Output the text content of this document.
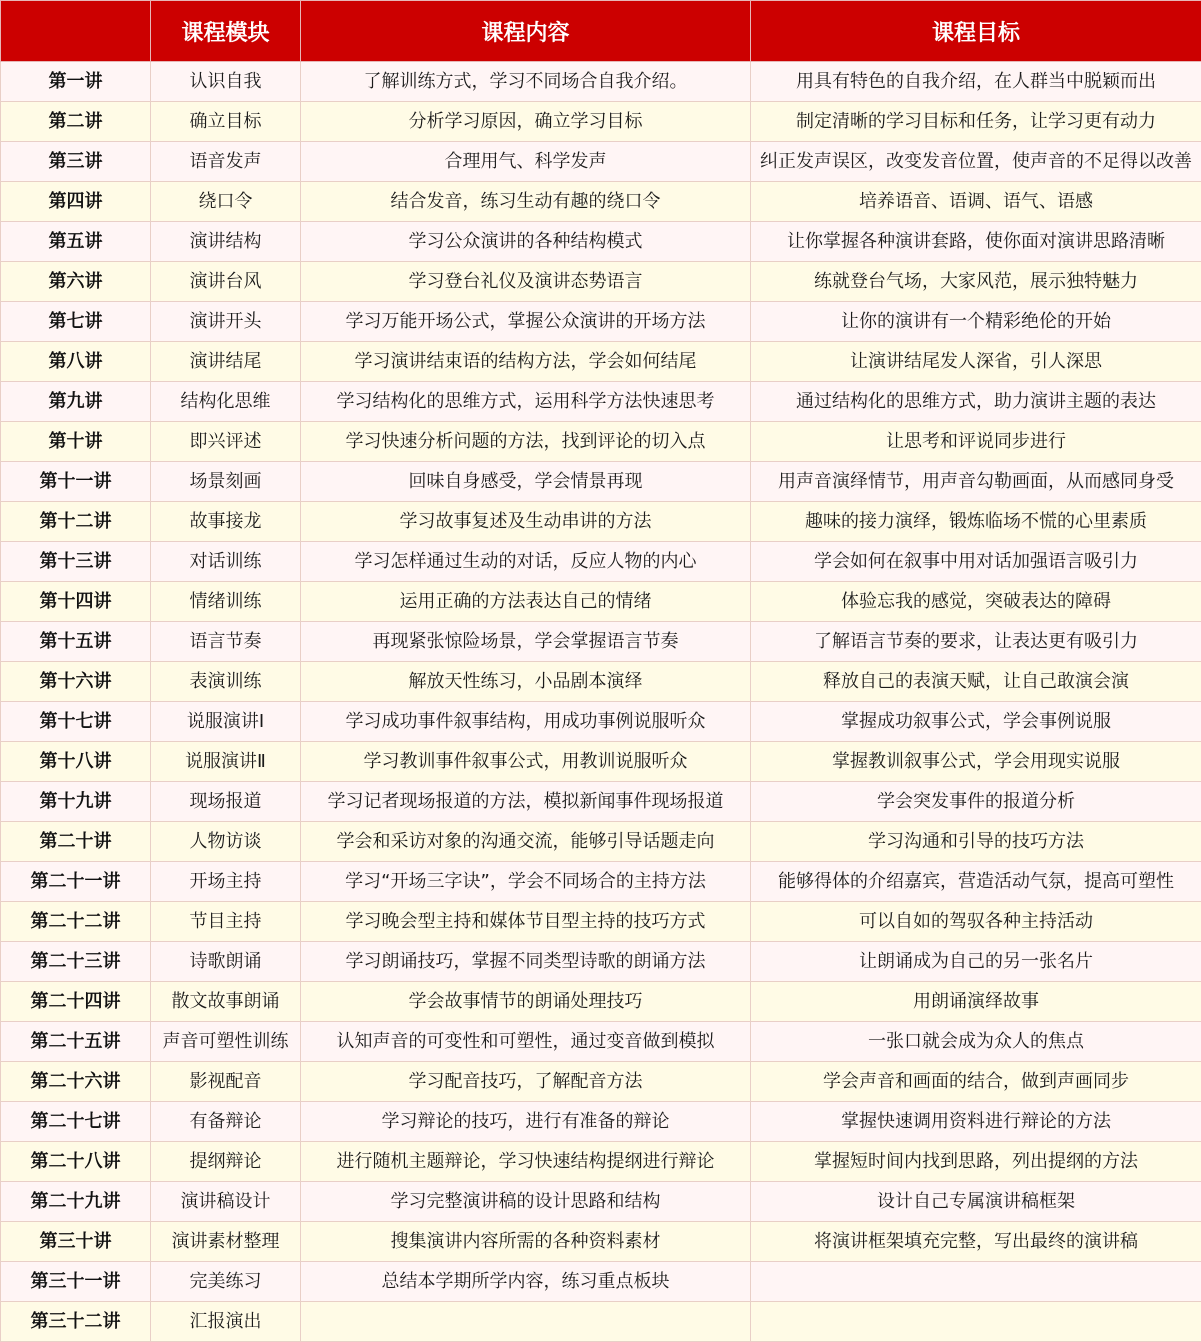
	课程模块	课程内容	课程目标
第一讲	认识自我	了解训练方式，学习不同场合自我介绍。	用具有特色的自我介绍，在人群当中脱颖而出
第二讲	确立目标	分析学习原因，确立学习目标	制定清晰的学习目标和任务，让学习更有动力
第三讲	语音发声	合理用气、科学发声	纠正发声误区，改变发音位置，使声音的不足得以改善
第四讲	绕口令	结合发音，练习生动有趣的绕口令	培养语音、语调、语气、语感
第五讲	演讲结构	学习公众演讲的各种结构模式	让你掌握各种演讲套路，使你面对演讲思路清晰
第六讲	演讲台风	学习登台礼仪及演讲态势语言	练就登台气场，大家风范，展示独特魅力
第七讲	演讲开头	学习万能开场公式，掌握公众演讲的开场方法	让你的演讲有一个精彩绝伦的开始
第八讲	演讲结尾	学习演讲结束语的结构方法，学会如何结尾	让演讲结尾发人深省，引人深思
第九讲	结构化思维	学习结构化的思维方式，运用科学方法快速思考	通过结构化的思维方式，助力演讲主题的表达
第十讲	即兴评述	学习快速分析问题的方法，找到评论的切入点	让思考和评说同步进行
第十一讲	场景刻画	回味自身感受，学会情景再现	用声音演绎情节，用声音勾勒画面，从而感同身受
第十二讲	故事接龙	学习故事复述及生动串讲的方法	趣味的接力演绎，锻炼临场不慌的心里素质
第十三讲	对话训练	学习怎样通过生动的对话，反应人物的内心	学会如何在叙事中用对话加强语言吸引力
第十四讲	情绪训练	运用正确的方法表达自己的情绪	体验忘我的感觉，突破表达的障碍
第十五讲	语言节奏	再现紧张惊险场景，学会掌握语言节奏	了解语言节奏的要求，让表达更有吸引力
第十六讲	表演训练	解放天性练习，小品剧本演绎	释放自己的表演天赋，让自己敢演会演
第十七讲	说服演讲Ⅰ	学习成功事件叙事结构，用成功事例说服听众	掌握成功叙事公式，学会事例说服
第十八讲	说服演讲Ⅱ	学习教训事件叙事公式，用教训说服听众	掌握教训叙事公式，学会用现实说服
第十九讲	现场报道	学习记者现场报道的方法，模拟新闻事件现场报道	学会突发事件的报道分析
第二十讲	人物访谈	学会和采访对象的沟通交流，能够引导话题走向	学习沟通和引导的技巧方法
第二十一讲	开场主持	学习“开场三字诀”，学会不同场合的主持方法	能够得体的介绍嘉宾，营造活动气氛，提高可塑性
第二十二讲	节目主持	学习晚会型主持和媒体节目型主持的技巧方式	可以自如的驾驭各种主持活动
第二十三讲	诗歌朗诵	学习朗诵技巧，掌握不同类型诗歌的朗诵方法	让朗诵成为自己的另一张名片
第二十四讲	散文故事朗诵	学会故事情节的朗诵处理技巧	用朗诵演绎故事
第二十五讲	声音可塑性训练	认知声音的可变性和可塑性，通过变音做到模拟	一张口就会成为众人的焦点
第二十六讲	影视配音	学习配音技巧，了解配音方法	学会声音和画面的结合，做到声画同步
第二十七讲	有备辩论	学习辩论的技巧，进行有准备的辩论	掌握快速调用资料进行辩论的方法
第二十八讲	提纲辩论	进行随机主题辩论，学习快速结构提纲进行辩论	掌握短时间内找到思路，列出提纲的方法
第二十九讲	演讲稿设计	学习完整演讲稿的设计思路和结构	设计自己专属演讲稿框架
第三十讲	演讲素材整理	搜集演讲内容所需的各种资料素材	将演讲框架填充完整，写出最终的演讲稿
第三十一讲	完美练习	总结本学期所学内容，练习重点板块	
第三十二讲	汇报演出		
